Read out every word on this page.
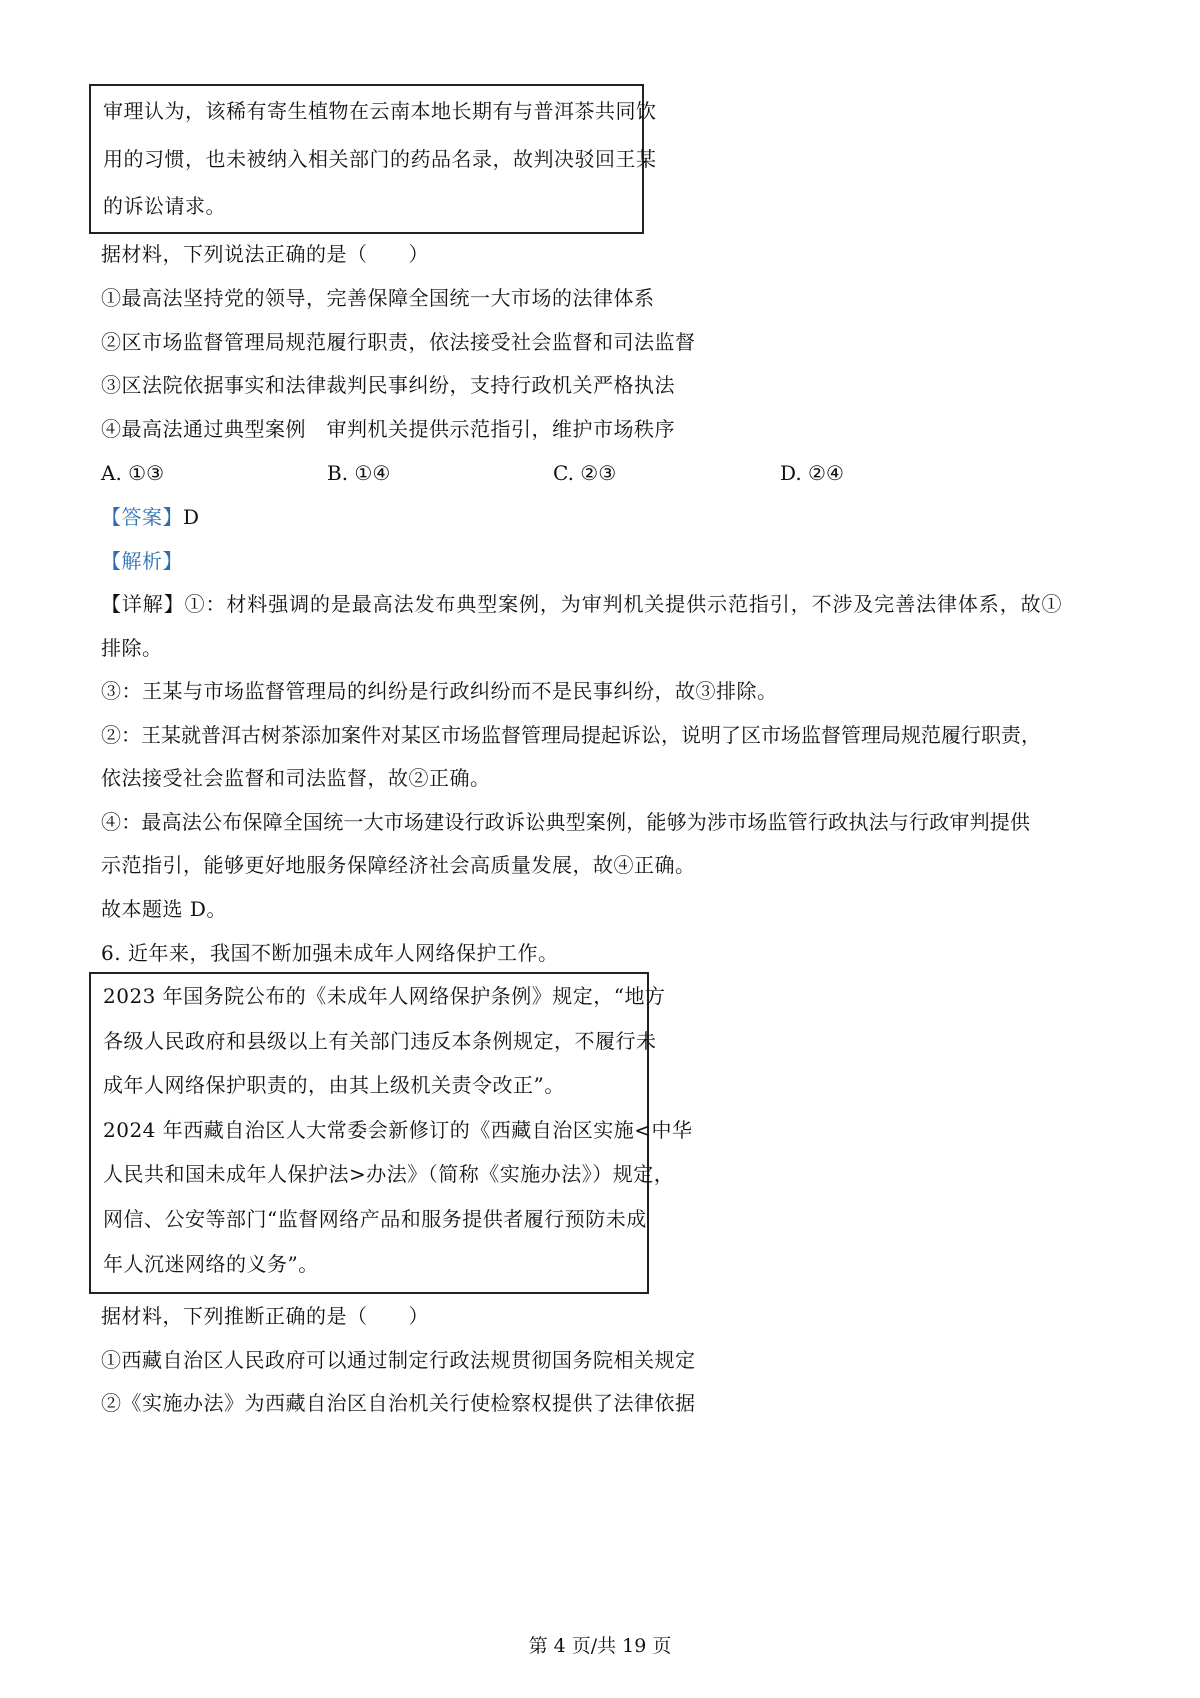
审理认为，该稀有寄生植物在云南本地长期有与普洱茶共同饮
用的习惯，也未被纳入相关部门的药品名录，故判决驳回王某
的诉讼请求。
据材料，下列说法正确的是（　　）
①最高法坚持党的领导，完善保障全国统一大市场的法律体系
②区市场监督管理局规范履行职责，依法接受社会监督和司法监督
③区法院依据事实和法律裁判民事纠纷，支持行政机关严格执法
④最高法通过典型案例　审判机关提供示范指引，维护市场秩序
A. ①③	B. ①④	C. ②③	D. ②④
【答案】D
【解析】
【详解】①：材料强调的是最高法发布典型案例，为审判机关提供示范指引，不涉及完善法律体系，故①
排除。
③：王某与市场监督管理局的纠纷是行政纠纷而不是民事纠纷，故③排除。
②：王某就普洱古树茶添加案件对某区市场监督管理局提起诉讼，说明了区市场监督管理局规范履行职责，
依法接受社会监督和司法监督，故②正确。
④：最高法公布保障全国统一大市场建设行政诉讼典型案例，能够为涉市场监管行政执法与行政审判提供
示范指引，能够更好地服务保障经济社会高质量发展，故④正确。
故本题选 D。
6. 近年来，我国不断加强未成年人网络保护工作。
2023 年国务院公布的《未成年人网络保护条例》规定，“地方
各级人民政府和县级以上有关部门违反本条例规定，不履行未
成年人网络保护职责的，由其上级机关责令改正”。
2024 年西藏自治区人大常委会新修订的《西藏自治区实施<中华
人民共和国未成年人保护法>办法》（简称《实施办法》）规定，
网信、公安等部门“监督网络产品和服务提供者履行预防未成
年人沉迷网络的义务”。
据材料，下列推断正确的是（　　）
①西藏自治区人民政府可以通过制定行政法规贯彻国务院相关规定
②《实施办法》为西藏自治区自治机关行使检察权提供了法律依据
第 4 页/共 19 页
